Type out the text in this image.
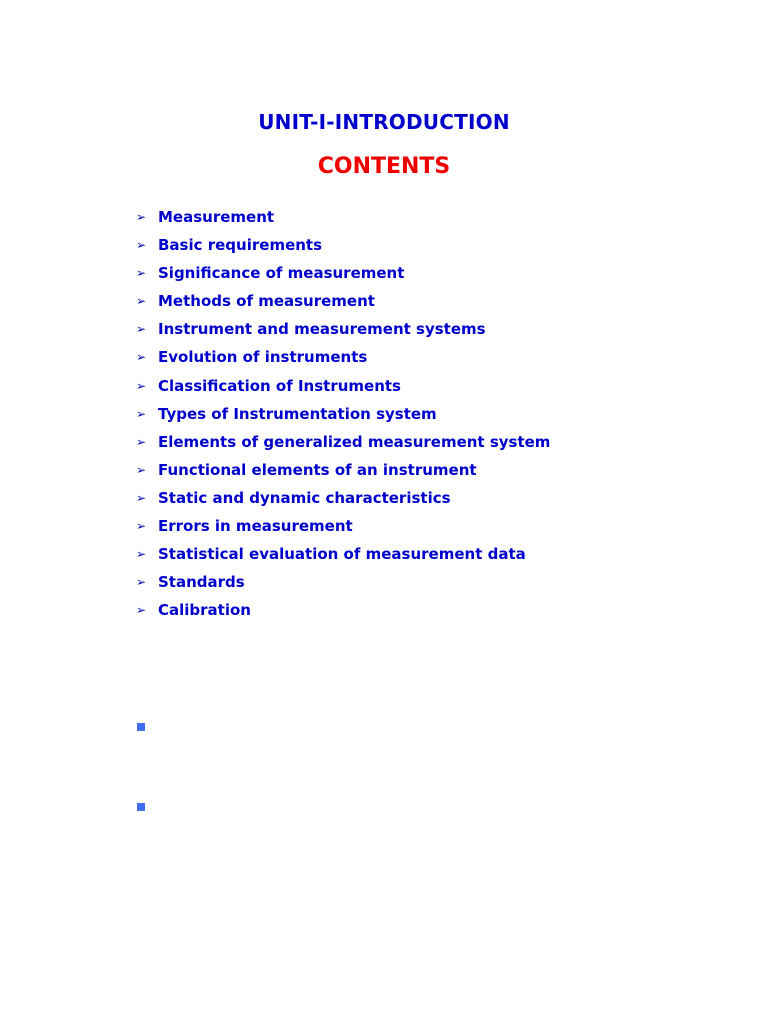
UNIT-I-INTRODUCTION
CONTENTS
➢ Measurement
➢ Basic requirements
➢ Significance of measurement
➢ Methods of measurement
➢ Instrument and measurement systems
➢ Evolution of instruments
➢ Classification of Instruments
➢ Types of Instrumentation system
➢ Elements of generalized measurement system
➢ Functional elements of an instrument
➢ Static and dynamic characteristics
➢ Errors in measurement
➢ Statistical evaluation of measurement data
➢ Standards
➢ Calibration
